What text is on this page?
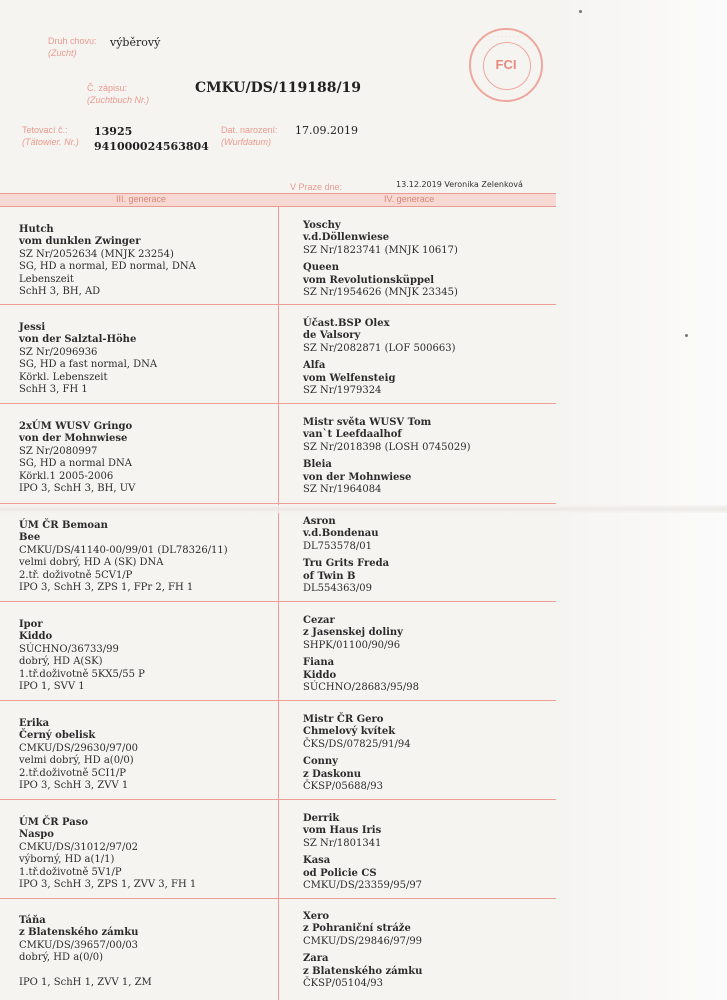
Druh chovu:
(Zucht)
výběrový
Č. zápisu:
(Zuchtbuch Nr.)
CMKU/DS/119188/19
Tetovací č.:
(Tätowier. Nr.)
13925
941000024563804
Dat. narození:
(Wurfdatum)
17.09.2019
· · · · · · · · ·
FCI
V Praze dne:	13.12.2019 Veronika Zelenková
III. generace	IV. generace
Hutch
vom dunklen Zwinger
SZ Nr/2052634 (MNJK 23254)
SG, HD a normal, ED normal, DNA
Lebenszeit
SchH 3, BH, AD
Yoschy
v.d.Döllenwiese
SZ Nr/1823741 (MNJK 10617)
Queen
vom Revolutionsküppel
SZ Nr/1954626 (MNJK 23345)
Jessi
von der Salztal-Höhe
SZ Nr/2096936
SG, HD a fast normal, DNA
Körkl. Lebenszeit
SchH 3, FH 1
Účast.BSP Olex
de Valsory
SZ Nr/2082871 (LOF 500663)
Alfa
vom Welfensteig
SZ Nr/1979324
2xÚM WUSV Gringo
von der Mohnwiese
SZ Nr/2080997
SG, HD a normal DNA
Körkl.1 2005-2006
IPO 3, SchH 3, BH, UV
Mistr světa WUSV Tom
van`t Leefdaalhof
SZ Nr/2018398 (LOSH 0745029)
Bleia
von der Mohnwiese
SZ Nr/1964084
ÚM ČR Bemoan
Bee
CMKU/DS/41140-00/99/01 (DL78326/11)
velmi dobrý, HD A (SK) DNA
2.tř. doživotně 5CV1/P
IPO 3, SchH 3, ZPS 1, FPr 2, FH 1
Asron
v.d.Bondenau
DL753578/01
Tru Grits Freda
of Twin B
DL554363/09
Ipor
Kiddo
SÚCHNO/36733/99
dobrý, HD A(SK)
1.tř.doživotně 5KX5/55 P
IPO 1, SVV 1
Cezar
z Jasenskej doliny
SHPK/01100/90/96
Fiana
Kiddo
SÚCHNO/28683/95/98
Erika
Černý obelisk
CMKU/DS/29630/97/00
velmi dobrý, HD a(0/0)
2.tř.doživotně 5CI1/P
IPO 3, SchH 3, ZVV 1
Mistr ČR Gero
Chmelový kvítek
ČKS/DS/07825/91/94
Conny
z Daskonu
ČKSP/05688/93
ÚM ČR Paso
Naspo
CMKU/DS/31012/97/02
výborný, HD a(1/1)
1.tř.doživotně 5V1/P
IPO 3, SchH 3, ZPS 1, ZVV 3, FH 1
Derrik
vom Haus Iris
SZ Nr/1801341
Kasa
od Policie CS
CMKU/DS/23359/95/97
Táňa
z Blatenského zámku
CMKU/DS/39657/00/03
dobrý, HD a(0/0)

IPO 1, SchH 1, ZVV 1, ZM
Xero
z Pohraniční stráže
CMKU/DS/29846/97/99
Zara
z Blatenského zámku
ČKSP/05104/93
